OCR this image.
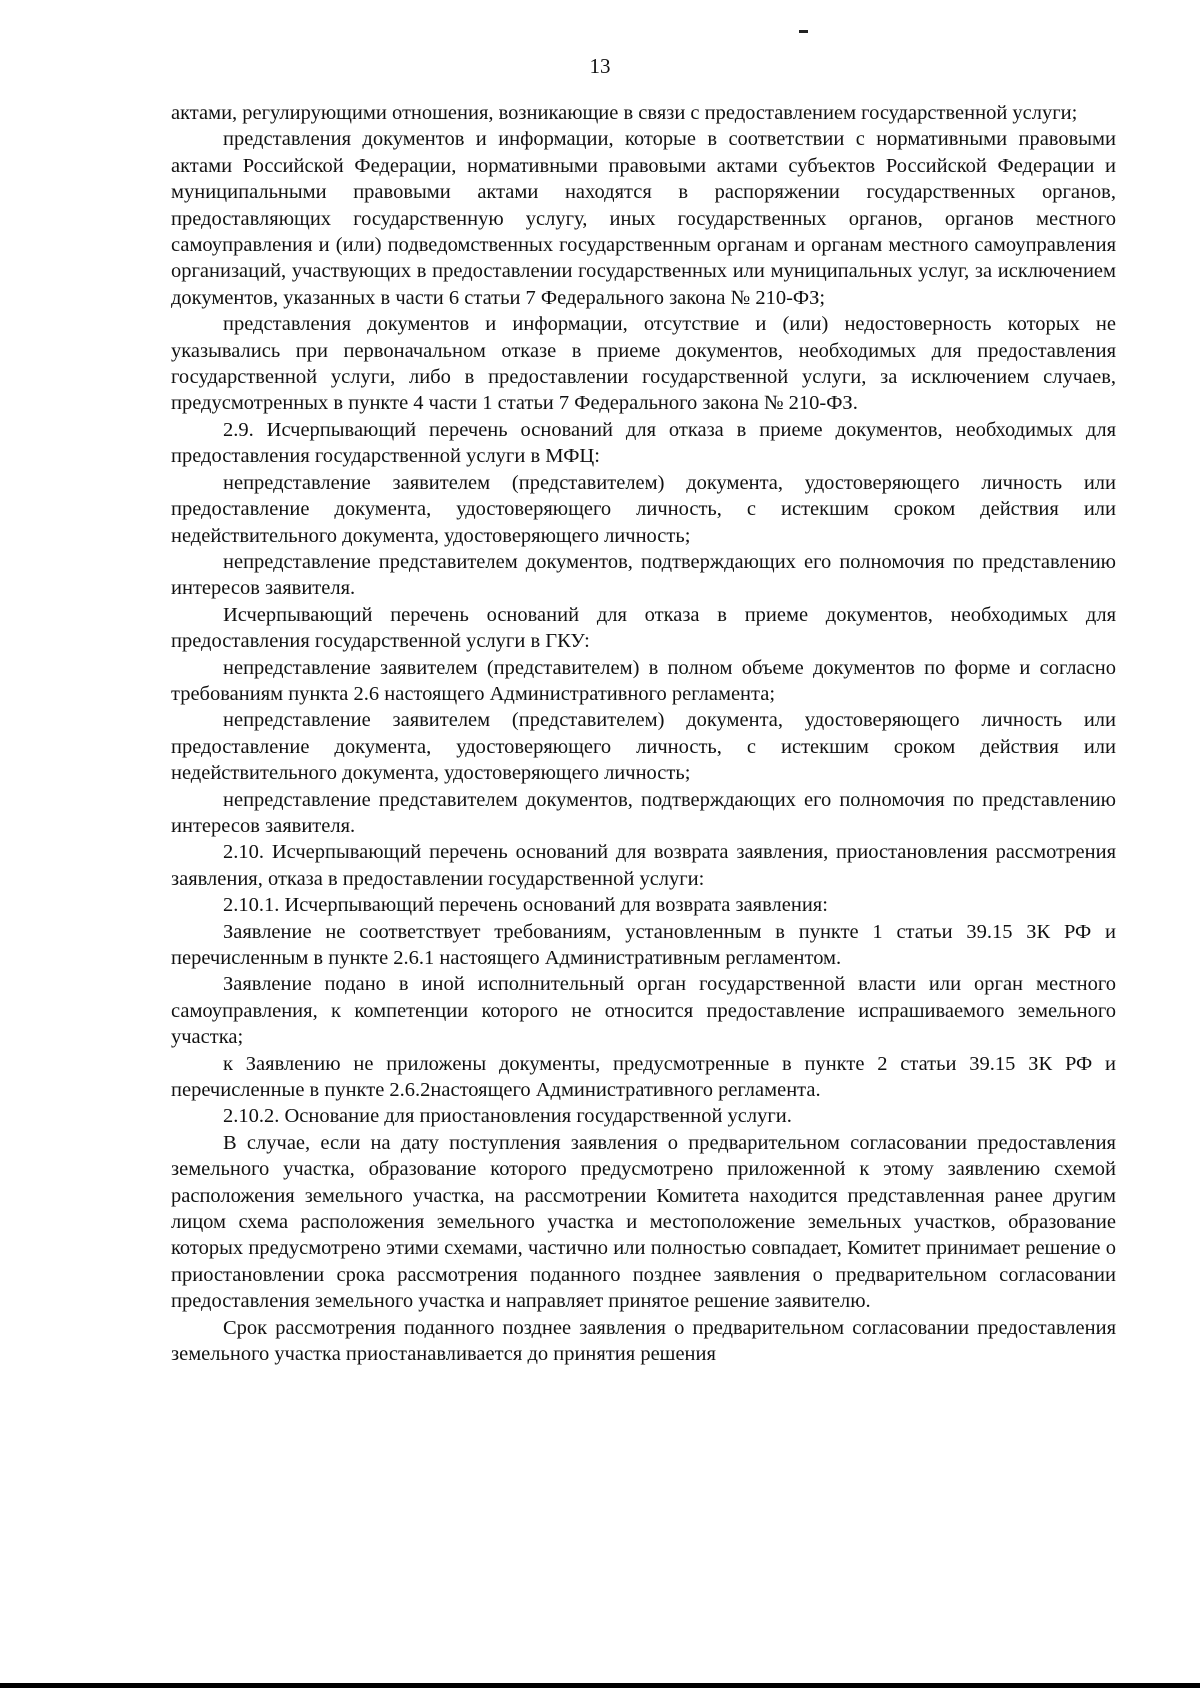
13

актами, регулирующими отношения, возникающие в связи с предоставлением государственной услуги;

представления документов и информации, которые в соответствии с нормативными правовыми актами Российской Федерации, нормативными правовыми актами субъектов Российской Федерации и муниципальными правовыми актами находятся в распоряжении государственных органов, предоставляющих государственную услугу, иных государственных органов, органов местного самоуправления и (или) подведомственных государственным органам и органам местного самоуправления организаций, участвующих в предоставлении государственных или муниципальных услуг, за исключением документов, указанных в части 6 статьи 7 Федерального закона № 210-ФЗ;

представления документов и информации, отсутствие и (или) недостоверность которых не указывались при первоначальном отказе в приеме документов, необходимых для предоставления государственной услуги, либо в предоставлении государственной услуги, за исключением случаев, предусмотренных в пункте 4 части 1 статьи 7 Федерального закона № 210-ФЗ.

2.9. Исчерпывающий перечень оснований для отказа в приеме документов, необходимых для предоставления государственной услуги в МФЦ:

непредставление заявителем (представителем) документа, удостоверяющего личность или предоставление документа, удостоверяющего личность, с истекшим сроком действия или недействительного документа, удостоверяющего личность;

непредставление представителем документов, подтверждающих его полномочия по представлению интересов заявителя.

Исчерпывающий перечень оснований для отказа в приеме документов, необходимых для предоставления государственной услуги в ГКУ:

непредставление заявителем (представителем) в полном объеме документов по форме и согласно требованиям пункта 2.6 настоящего Административного регламента;

непредставление заявителем (представителем) документа, удостоверяющего личность или предоставление документа, удостоверяющего личность, с истекшим сроком действия или недействительного документа, удостоверяющего личность;

непредставление представителем документов, подтверждающих его полномочия по представлению интересов заявителя.

2.10. Исчерпывающий перечень оснований для возврата заявления, приостановления рассмотрения заявления, отказа в предоставлении государственной услуги:

2.10.1. Исчерпывающий перечень оснований для возврата заявления:

Заявление не соответствует требованиям, установленным в пункте 1 статьи 39.15 ЗК РФ и перечисленным в пункте 2.6.1 настоящего Административным регламентом.

Заявление подано в иной исполнительный орган государственной власти или орган местного самоуправления, к компетенции которого не относится предоставление испрашиваемого земельного участка;

к Заявлению не приложены документы, предусмотренные в пункте 2 статьи 39.15 ЗК РФ и перечисленные в пункте 2.6.2настоящего Административного регламента.

2.10.2. Основание для приостановления государственной услуги.

В случае, если на дату поступления заявления о предварительном согласовании предоставления земельного участка, образование которого предусмотрено приложенной к этому заявлению схемой расположения земельного участка, на рассмотрении Комитета находится представленная ранее другим лицом схема расположения земельного участка и местоположение земельных участков, образование которых предусмотрено этими схемами, частично или полностью совпадает, Комитет принимает решение о приостановлении срока рассмотрения поданного позднее заявления о предварительном согласовании предоставления земельного участка и направляет принятое решение заявителю.

Срок рассмотрения поданного позднее заявления о предварительном согласовании предоставления земельного участка приостанавливается до принятия решения
